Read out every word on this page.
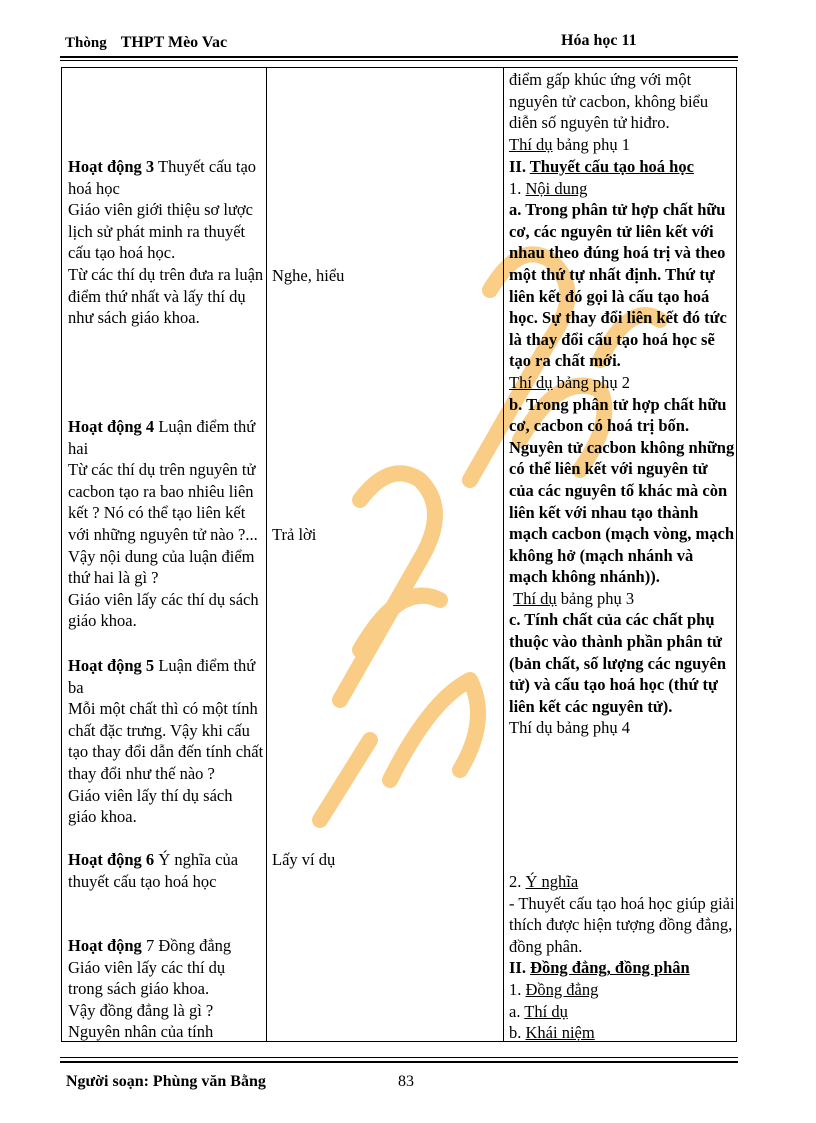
Thòng THPT Mèo Vac	Hóa học 11

Hoạt động 3 Thuyết cấu tạo hoá học

Giáo viên giới thiệu sơ lược lịch sử phát minh ra thuyết cấu tạo hoá học.

Từ các thí dụ trên đưa ra luận điểm thứ nhất và lấy thí dụ như sách giáo khoa.

Hoạt động 4 Luận điểm thứ hai

Từ các thí dụ trên nguyên tử cacbon tạo ra bao nhiêu liên kết ? Nó có thể tạo liên kết với những nguyên tử nào ?...

Vậy nội dung của luận điểm thứ hai là gì ?

Giáo viên lấy các thí dụ sách giáo khoa.

Hoạt động 5 Luận điểm thứ ba

Mỗi một chất thì có một tính chất đặc trưng. Vậy khi cấu tạo thay đổi dẫn đến tính chất thay đổi như thế nào ?

Giáo viên lấy thí dụ sách giáo khoa.

Hoạt động 6 Ý nghĩa của thuyết cấu tạo hoá học

Hoạt động 7 Đồng đẳng

Giáo viên lấy các thí dụ trong sách giáo khoa.

Vậy đồng đẳng là gì ?

Nguyên nhân của tính

Nghe, hiểu
Trả lời
Lấy ví dụ

điểm gấp khúc ứng với một nguyên tử cacbon, không biểu diễn số nguyên tử hiđro.

Thí dụ bảng phụ 1

II. Thuyết cấu tạo hoá học

1. Nội dung

a. Trong phân tử hợp chất hữu cơ, các nguyên tử liên kết với nhau theo đúng hoá trị và theo một thứ tự nhất định. Thứ tự liên kết đó gọi là cấu tạo hoá học. Sự thay đổi liên kết đó tức là thay đổi cấu tạo hoá học sẽ tạo ra chất mới.

Thí dụ bảng phụ 2

b. Trong phân tử hợp chất hữu cơ, cacbon có hoá trị bốn. Nguyên tử cacbon không những có thể liên kết với nguyên tử của các nguyên tố khác mà còn liên kết với nhau tạo thành mạch cacbon (mạch vòng, mạch không hở (mạch nhánh và mạch không nhánh)).

Thí dụ bảng phụ 3

c. Tính chất của các chất phụ thuộc vào thành phần phân tử (bản chất, số lượng các nguyên tử) và cấu tạo hoá học (thứ tự liên kết các nguyên tử).

Thí dụ bảng phụ 4

2. Ý nghĩa

- Thuyết cấu tạo hoá học giúp giải thích được hiện tượng đồng đẳng, đồng phân.

II. Đồng đẳng, đồng phân

1. Đồng đẳng

a. Thí dụ

b. Khái niệm

Người soạn: Phùng văn Bằng	83
